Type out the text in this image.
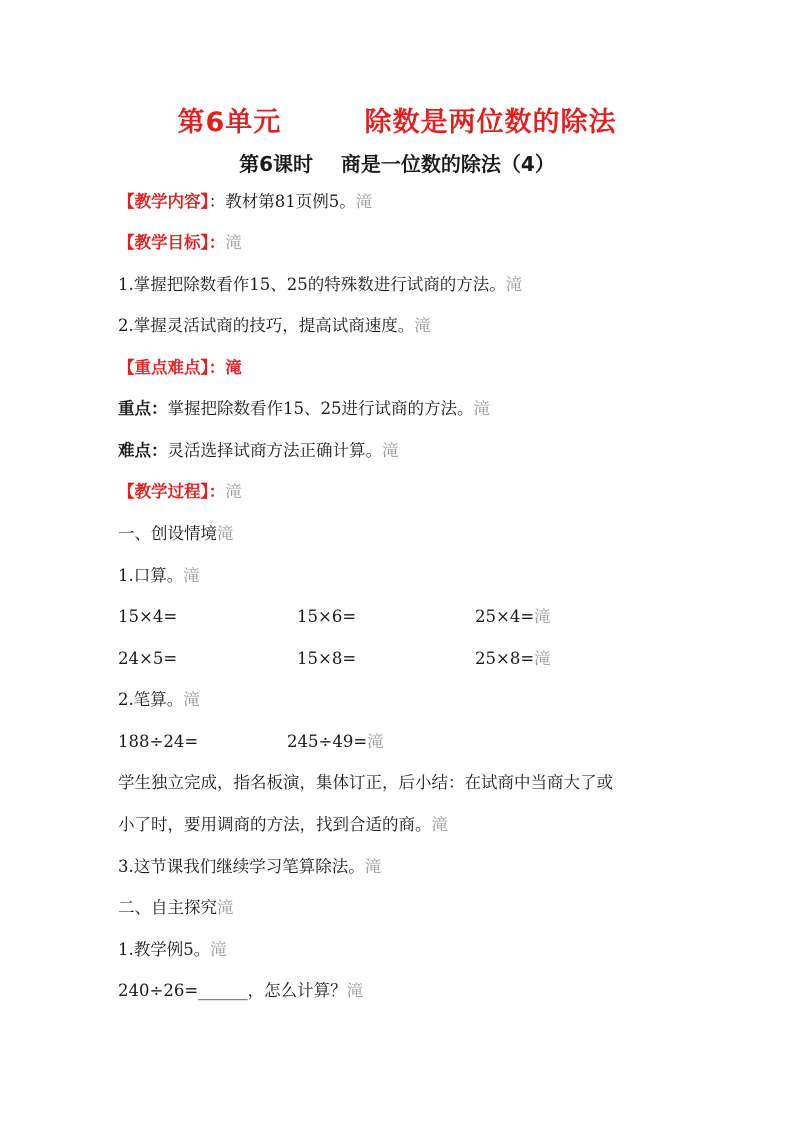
第6单元	除数是两位数的除法
第6课时 商是一位数的除法（4）
【教学内容】：教材第81页例5。滝
【教学目标】：滝
1.掌握把除数看作15、25的特殊数进行试商的方法。滝
2.掌握灵活试商的技巧，提高试商速度。滝
【重点难点】：滝
重点：掌握把除数看作15、25进行试商的方法。滝
难点：灵活选择试商方法正确计算。滝
【教学过程】：滝
一、创设情境滝
1.口算。滝
15×4=	15×6=	25×4=滝
24×5=	15×8=	25×8=滝
2.笔算。滝
188÷24=	245÷49=滝
学生独立完成，指名板演，集体订正，后小结：在试商中当商大了或
小了时，要用调商的方法，找到合适的商。滝
3.这节课我们继续学习笔算除法。滝
二、自主探究滝
1.教学例5。滝
240÷26=______，怎么计算？滝
